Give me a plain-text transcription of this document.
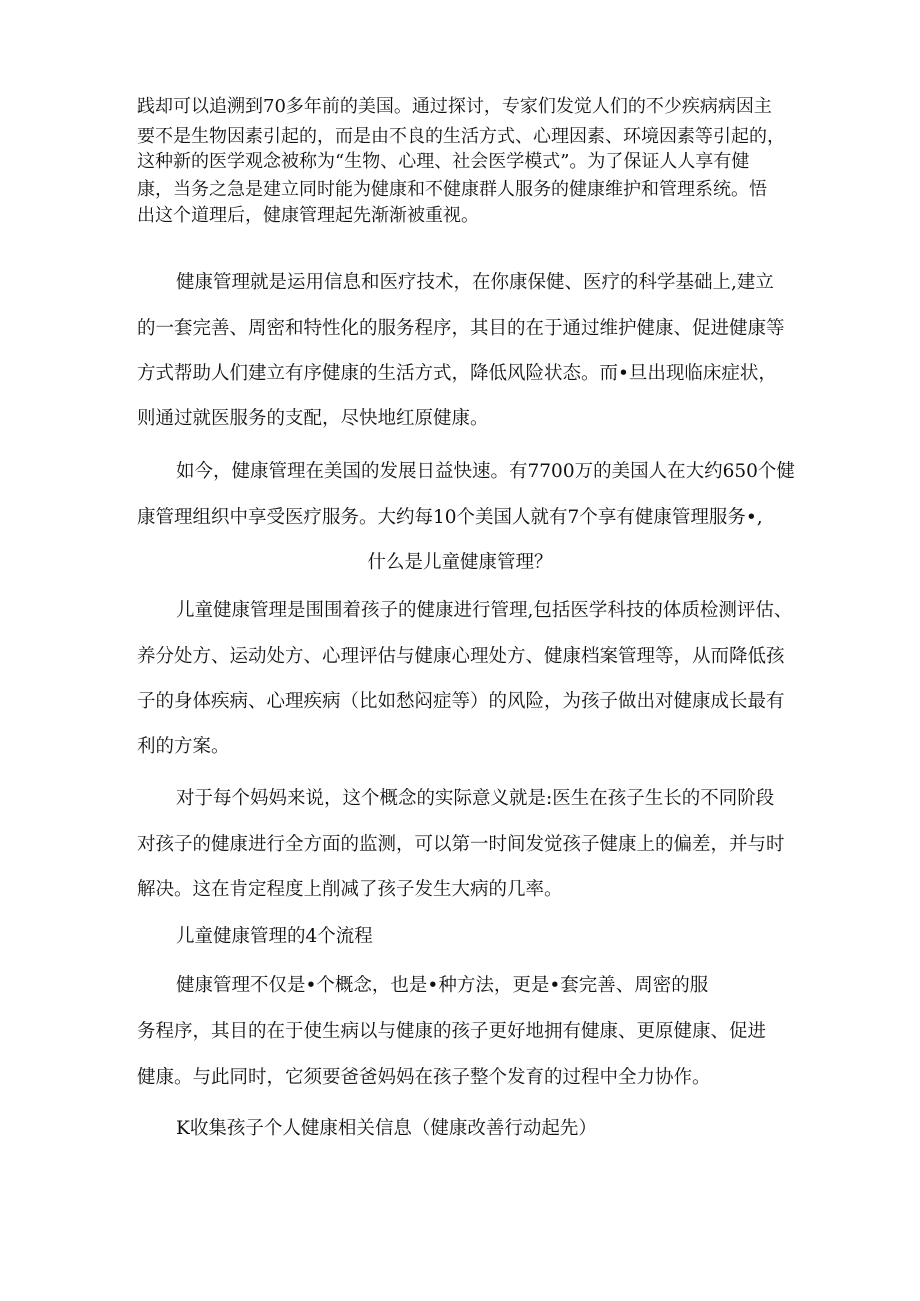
践却可以追溯到70多年前的美国。通过探讨，专家们发觉人们的不少疾病病因主

要不是生物因素引起的，而是由不良的生活方式、心理因素、环境因素等引起的，

这种新的医学观念被称为“生物、心理、社会医学模式”。为了保证人人享有健

康，当务之急是建立同时能为健康和不健康群人服务的健康维护和管理系统。悟

出这个道理后，健康管理起先渐渐被重视。

健康管理就是运用信息和医疗技术，在你康保健、医疗的科学基础上,建立

的一套完善、周密和特性化的服务程序，其目的在于通过维护健康、促进健康等

方式帮助人们建立有序健康的生活方式，降低风险状态。而•旦出现临床症状，

则通过就医服务的支配，尽快地红原健康。

如今，健康管理在美国的发展日益快速。有7700万的美国人在大约650个健

康管理组织中享受医疗服务。大约每10个美国人就有7个享有健康管理服务•,

什么是儿童健康管理？

儿童健康管理是围围着孩子的健康进行管理,包括医学科技的体质检测评估、

养分处方、运动处方、心理评估与健康心理处方、健康档案管理等，从而降低孩

子的身体疾病、心理疾病（比如愁闷症等）的风险，为孩子做出对健康成长最有

利的方案。

对于每个妈妈来说，这个概念的实际意义就是:医生在孩子生长的不同阶段

对孩子的健康进行全方面的监测，可以第一时间发觉孩子健康上的偏差，并与时

解决。这在肯定程度上削减了孩子发生大病的几率。

儿童健康管理的4个流程

健康管理不仅是•个概念，也是•种方法，更是•套完善、周密的服

务程序，其目的在于使生病以与健康的孩子更好地拥有健康、更原健康、促进

健康。与此同时，它须要爸爸妈妈在孩子整个发育的过程中全力协作。

K收集孩子个人健康相关信息（健康改善行动起先）
